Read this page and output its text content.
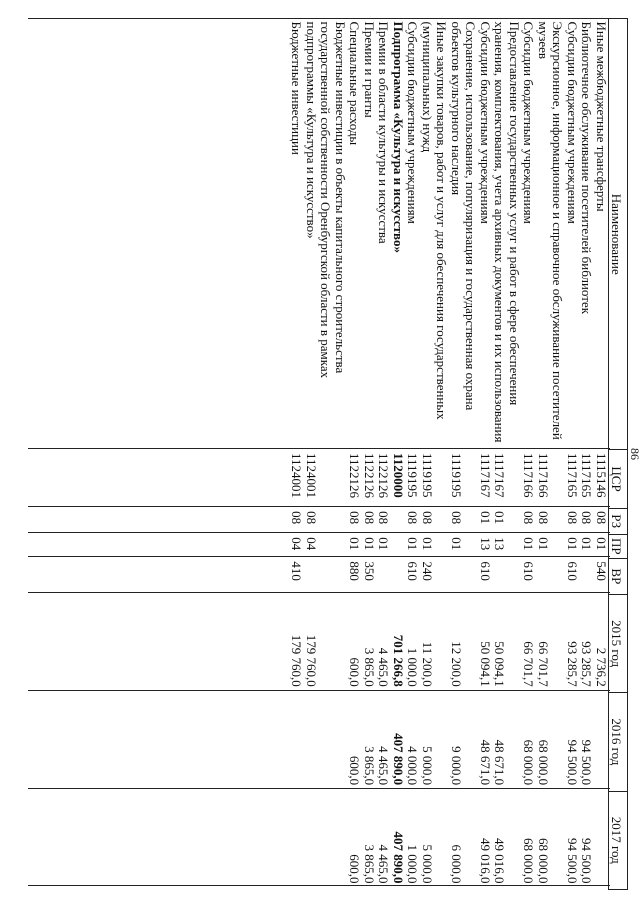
86
Наименование	ЦСР	РЗ	ПР	ВР	2015 год	2016 год	2017 год
Иные межбюджетные трансферты	1115146	08	01	540	2 736,2		
Библиотечное обслуживание посетителей библиотек	1117165	08	01		93 285,7	94 500,0	94 500,0
Субсидии бюджетным учреждениям	1117165	08	01	610	93 285,7	94 500,0	94 500,0
Экскурсионное, информационное и справочное обслуживание посетителей музеев	1117166	08	01		66 701,7	68 000,0	68 000,0
Субсидии бюджетным учреждениям	1117166	08	01	610	66 701,7	68 000,0	68 000,0
Предоставление государственных услуг и работ в сфере обеспечения хранения, комплектования, учета архивных документов и их использования	1117167	01	13		50 094,1	48 671,0	49 016,0
Субсидии бюджетным учреждениям	1117167	01	13	610	50 094,1	48 671,0	49 016,0
Сохранение, использование, популяризация и государственная охрана объектов культурного наследия	1119195	08	01		12 200,0	9 000,0	6 000,0
Иные закупки товаров, работ и услуг для обеспечения государственных (муниципальных) нужд	1119195	08	01	240	11 200,0	5 000,0	5 000,0
Субсидии бюджетным учреждениям	1119195	08	01	610	1 000,0	4 000,0	1 000,0
Подпрограмма «Культура и искусство»	1120000				701 266,8	407 890,0	407 890,0
Премии в области культуры и искусства	1122126	08	01		4 465,0	4 465,0	4 465,0
Премии и гранты	1122126	08	01	350	3 865,0	3 865,0	3 865,0
Специальные расходы	1122126	08	01	880	600,0	600,0	600,0
Бюджетные инвестиции в объекты капитального строительства государственной собственности Оренбургской области в рамках подпрограммы «Культура и искусство»	1124001	08	04		179 760,0		
Бюджетные инвестиции	1124001	08	04	410	179 760,0		
